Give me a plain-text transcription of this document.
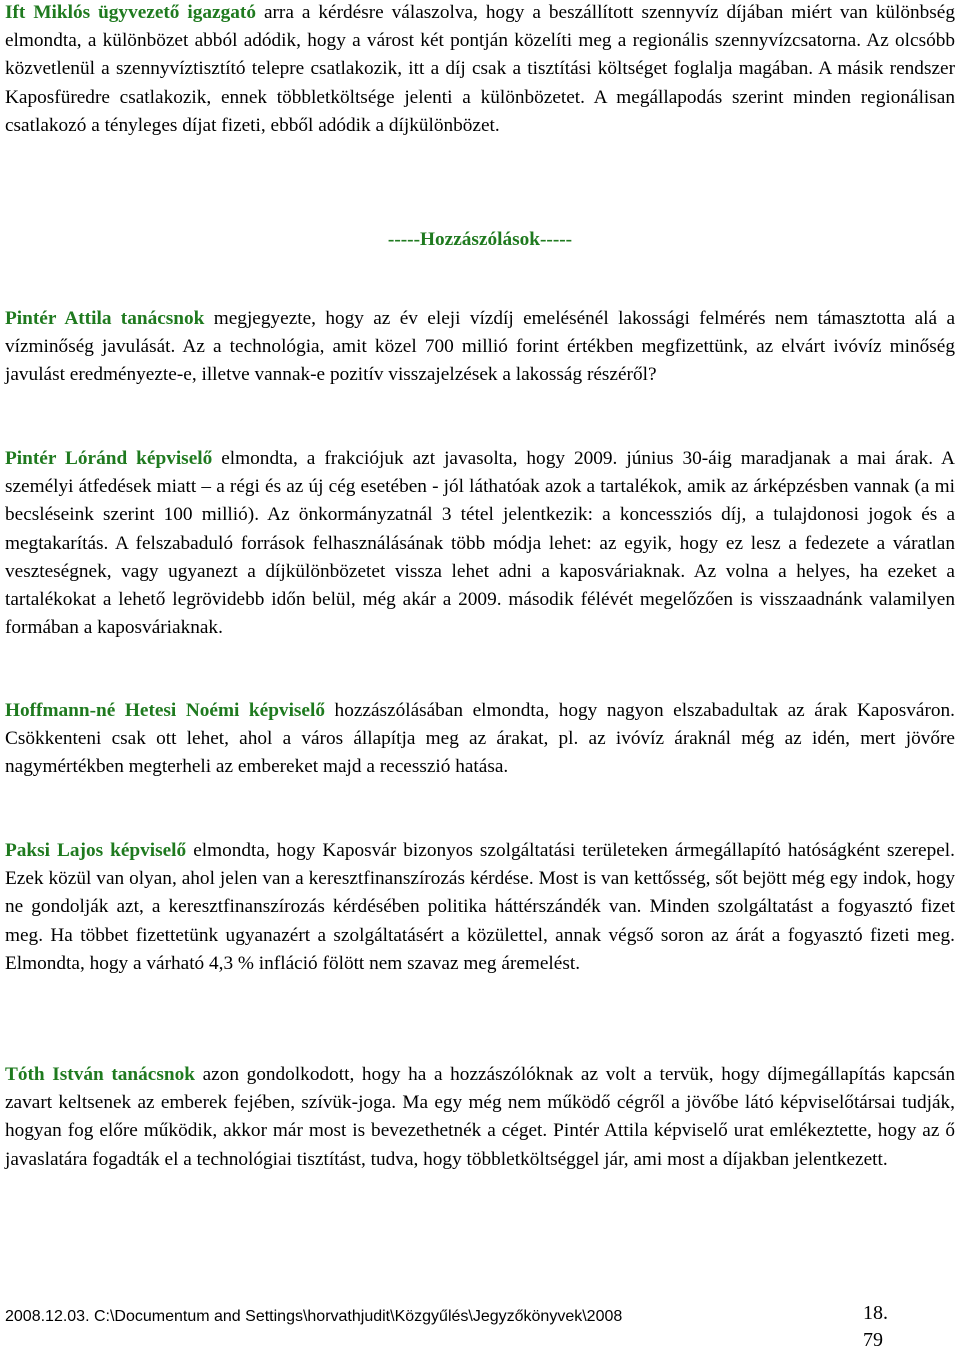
Ift Miklós ügyvezető igazgató arra a kérdésre válaszolva, hogy a beszállított szennyvíz díjában miért van különbség elmondta, a különbözet abból adódik, hogy a várost két pontján közelíti meg a regionális szennyvízcsatorna. Az olcsóbb közvetlenül a szennyvíztisztító telepre csatlakozik, itt a díj csak a tisztítási költséget foglalja magában. A másik rendszer Kaposfüredre csatlakozik, ennek többletköltsége jelenti a különbözetet. A megállapodás szerint minden regionálisan csatlakozó a tényleges díjat fizeti, ebből adódik a díjkülönbözet.

-----Hozzászólások-----

Pintér Attila tanácsnok megjegyezte, hogy az év eleji vízdíj emelésénél lakossági felmérés nem támasztotta alá a vízminőség javulását. Az a technológia, amit közel 700 millió forint értékben megfizettünk, az elvárt ivóvíz minőség javulást eredményezte-e, illetve vannak-e pozitív visszajelzések a lakosság részéről?

Pintér Lóránd képviselő elmondta, a frakciójuk azt javasolta, hogy 2009. június 30-áig maradjanak a mai árak. A személyi átfedések miatt – a régi és az új cég esetében - jól láthatóak azok a tartalékok, amik az árképzésben vannak (a mi becsléseink szerint 100 millió). Az önkormányzatnál 3 tétel jelentkezik: a koncessziós díj, a tulajdonosi jogok és a megtakarítás. A felszabaduló források felhasználásának több módja lehet: az egyik, hogy ez lesz a fedezete a váratlan veszteségnek, vagy ugyanezt a díjkülönbözetet vissza lehet adni a kaposváriaknak. Az volna a helyes, ha ezeket a tartalékokat a lehető legrövidebb időn belül, még akár a 2009. második félévét megelőzően is visszaadnánk valamilyen formában a kaposváriaknak.

Hoffmann-né Hetesi Noémi képviselő hozzászólásában elmondta, hogy nagyon elszabadultak az árak Kaposváron. Csökkenteni csak ott lehet, ahol a város állapítja meg az árakat, pl. az ivóvíz áraknál még az idén, mert jövőre nagymértékben megterheli az embereket majd a recesszió hatása.

Paksi Lajos képviselő elmondta, hogy Kaposvár bizonyos szolgáltatási területeken ármegállapító hatóságként szerepel. Ezek közül van olyan, ahol jelen van a keresztfinanszírozás kérdése. Most is van kettősség, sőt bejött még egy indok, hogy ne gondolják azt, a keresztfinanszírozás kérdésében politika háttérszándék van. Minden szolgáltatást a fogyasztó fizet meg. Ha többet fizettetünk ugyanazért a szolgáltatásért a közülettel, annak végső soron az árát a fogyasztó fizeti meg. Elmondta, hogy a várható 4,3 % infláció fölött nem szavaz meg áremelést.

Tóth István tanácsnok azon gondolkodott, hogy ha a hozzászólóknak az volt a tervük, hogy díjmegállapítás kapcsán zavart keltsenek az emberek fejében, szívük-joga. Ma egy még nem működő cégről a jövőbe látó képviselőtársai tudják, hogyan fog előre működik, akkor már most is bevezethetnék a céget. Pintér Attila képviselő urat emlékeztette, hogy az ő javaslatára fogadták el a technológiai tisztítást, tudva, hogy többletköltséggel jár, ami most a díjakban jelentkezett.

2008.12.03. C:\Documentum and Settings\horvathjudit\Közgyűlés\Jegyzőkönyvek\2008	18.
79
